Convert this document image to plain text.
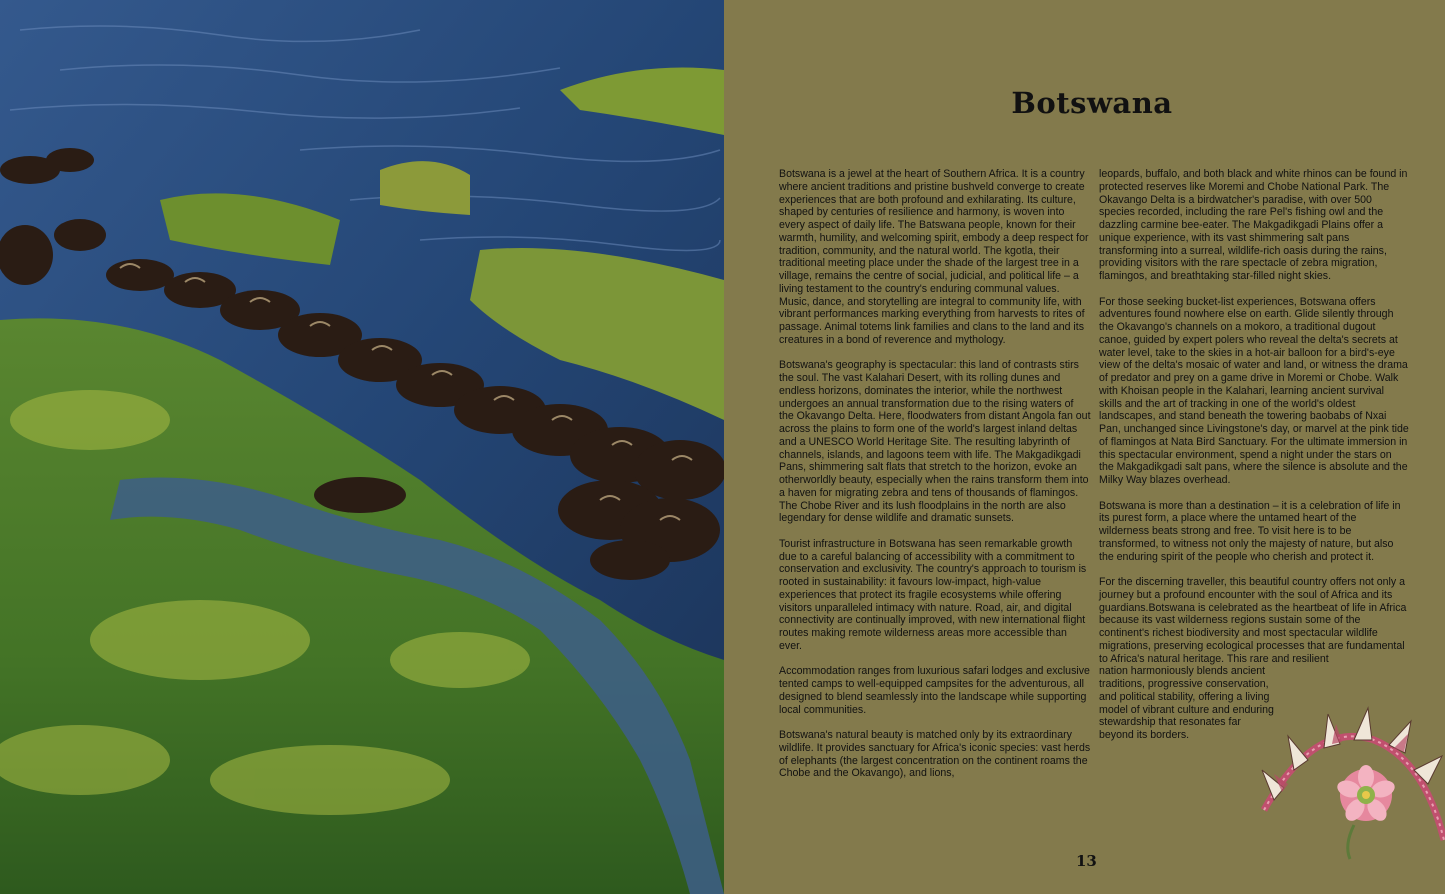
Botswana

Botswana is a jewel at the heart of Southern Africa. It is a country where ancient traditions and pristine bushveld converge to create experiences that are both profound and exhilarating. Its culture, shaped by centuries of resilience and harmony, is woven into every aspect of daily life. The Batswana people, known for their warmth, humility, and welcoming spirit, embody a deep respect for tradition, community, and the natural world. The kgotla, their traditional meeting place under the shade of the largest tree in a village, remains the centre of social, judicial, and political life – a living testament to the country's enduring communal values. Music, dance, and storytelling are integral to community life, with vibrant performances marking everything from harvests to rites of passage. Animal totems link families and clans to the land and its creatures in a bond of reverence and mythology.

Botswana's geography is spectacular: this land of contrasts stirs the soul. The vast Kalahari Desert, with its rolling dunes and endless horizons, dominates the interior, while the northwest undergoes an annual transformation due to the rising waters of the Okavango Delta. Here, floodwaters from distant Angola fan out across the plains to form one of the world's largest inland deltas and a UNESCO World Heritage Site. The resulting labyrinth of channels, islands, and lagoons teem with life. The Makgadikgadi Pans, shimmering salt flats that stretch to the horizon, evoke an otherworldly beauty, especially when the rains transform them into a haven for migrating zebra and tens of thousands of flamingos. The Chobe River and its lush floodplains in the north are also legendary for dense wildlife and dramatic sunsets.

Tourist infrastructure in Botswana has seen remarkable growth due to a careful balancing of accessibility with a commitment to conservation and exclusivity. The country's approach to tourism is rooted in sustainability: it favours low-impact, high-value experiences that protect its fragile ecosystems while offering visitors unparalleled intimacy with nature. Road, air, and digital connectivity are continually improved, with new international flight routes making remote wilderness areas more accessible than ever.

Accommodation ranges from luxurious safari lodges and exclusive tented camps to well-equipped campsites for the adventurous, all designed to blend seamlessly into the landscape while supporting local communities.

Botswana's natural beauty is matched only by its extraordinary wildlife. It provides sanctuary for Africa's iconic species: vast herds of elephants (the largest concentration on the continent roams the Chobe and the Okavango), and lions,

leopards, buffalo, and both black and white rhinos can be found in protected reserves like Moremi and Chobe National Park. The Okavango Delta is a birdwatcher's paradise, with over 500 species recorded, including the rare Pel's fishing owl and the dazzling carmine bee-eater. The Makgadikgadi Plains offer a unique experience, with its vast shimmering salt pans transforming into a surreal, wildlife-rich oasis during the rains, providing visitors with the rare spectacle of zebra migration, flamingos, and breathtaking star-filled night skies.

For those seeking bucket-list experiences, Botswana offers adventures found nowhere else on earth. Glide silently through the Okavango's channels on a mokoro, a traditional dugout canoe, guided by expert polers who reveal the delta's secrets at water level, take to the skies in a hot-air balloon for a bird's-eye view of the delta's mosaic of water and land, or witness the drama of predator and prey on a game drive in Moremi or Chobe. Walk with Khoisan people in the Kalahari, learning ancient survival skills and the art of tracking in one of the world's oldest landscapes, and stand beneath the towering baobabs of Nxai Pan, unchanged since Livingstone's day, or marvel at the pink tide of flamingos at Nata Bird Sanctuary. For the ultimate immersion in this spectacular environment, spend a night under the stars on the Makgadikgadi salt pans, where the silence is absolute and the Milky Way blazes overhead.

Botswana is more than a destination – it is a celebration of life in its purest form, a place where the untamed heart of the wilderness beats strong and free. To visit here is to be transformed, to witness not only the majesty of nature, but also the enduring spirit of the people who cherish and protect it.

For the discerning traveller, this beautiful country offers not only a journey but a profound encounter with the soul of Africa and its guardians.Botswana is celebrated as the heartbeat of life in Africa because its vast wilderness regions sustain some of the continent's richest biodiversity and most spectacular wildlife migrations, preserving ecological processes that are fundamental to Africa's natural heritage. This rare and resilient

nation harmoniously blends ancient traditions, progressive conservation, and political stability, offering a living model of vibrant culture and enduring stewardship that resonates far beyond its borders.

13
